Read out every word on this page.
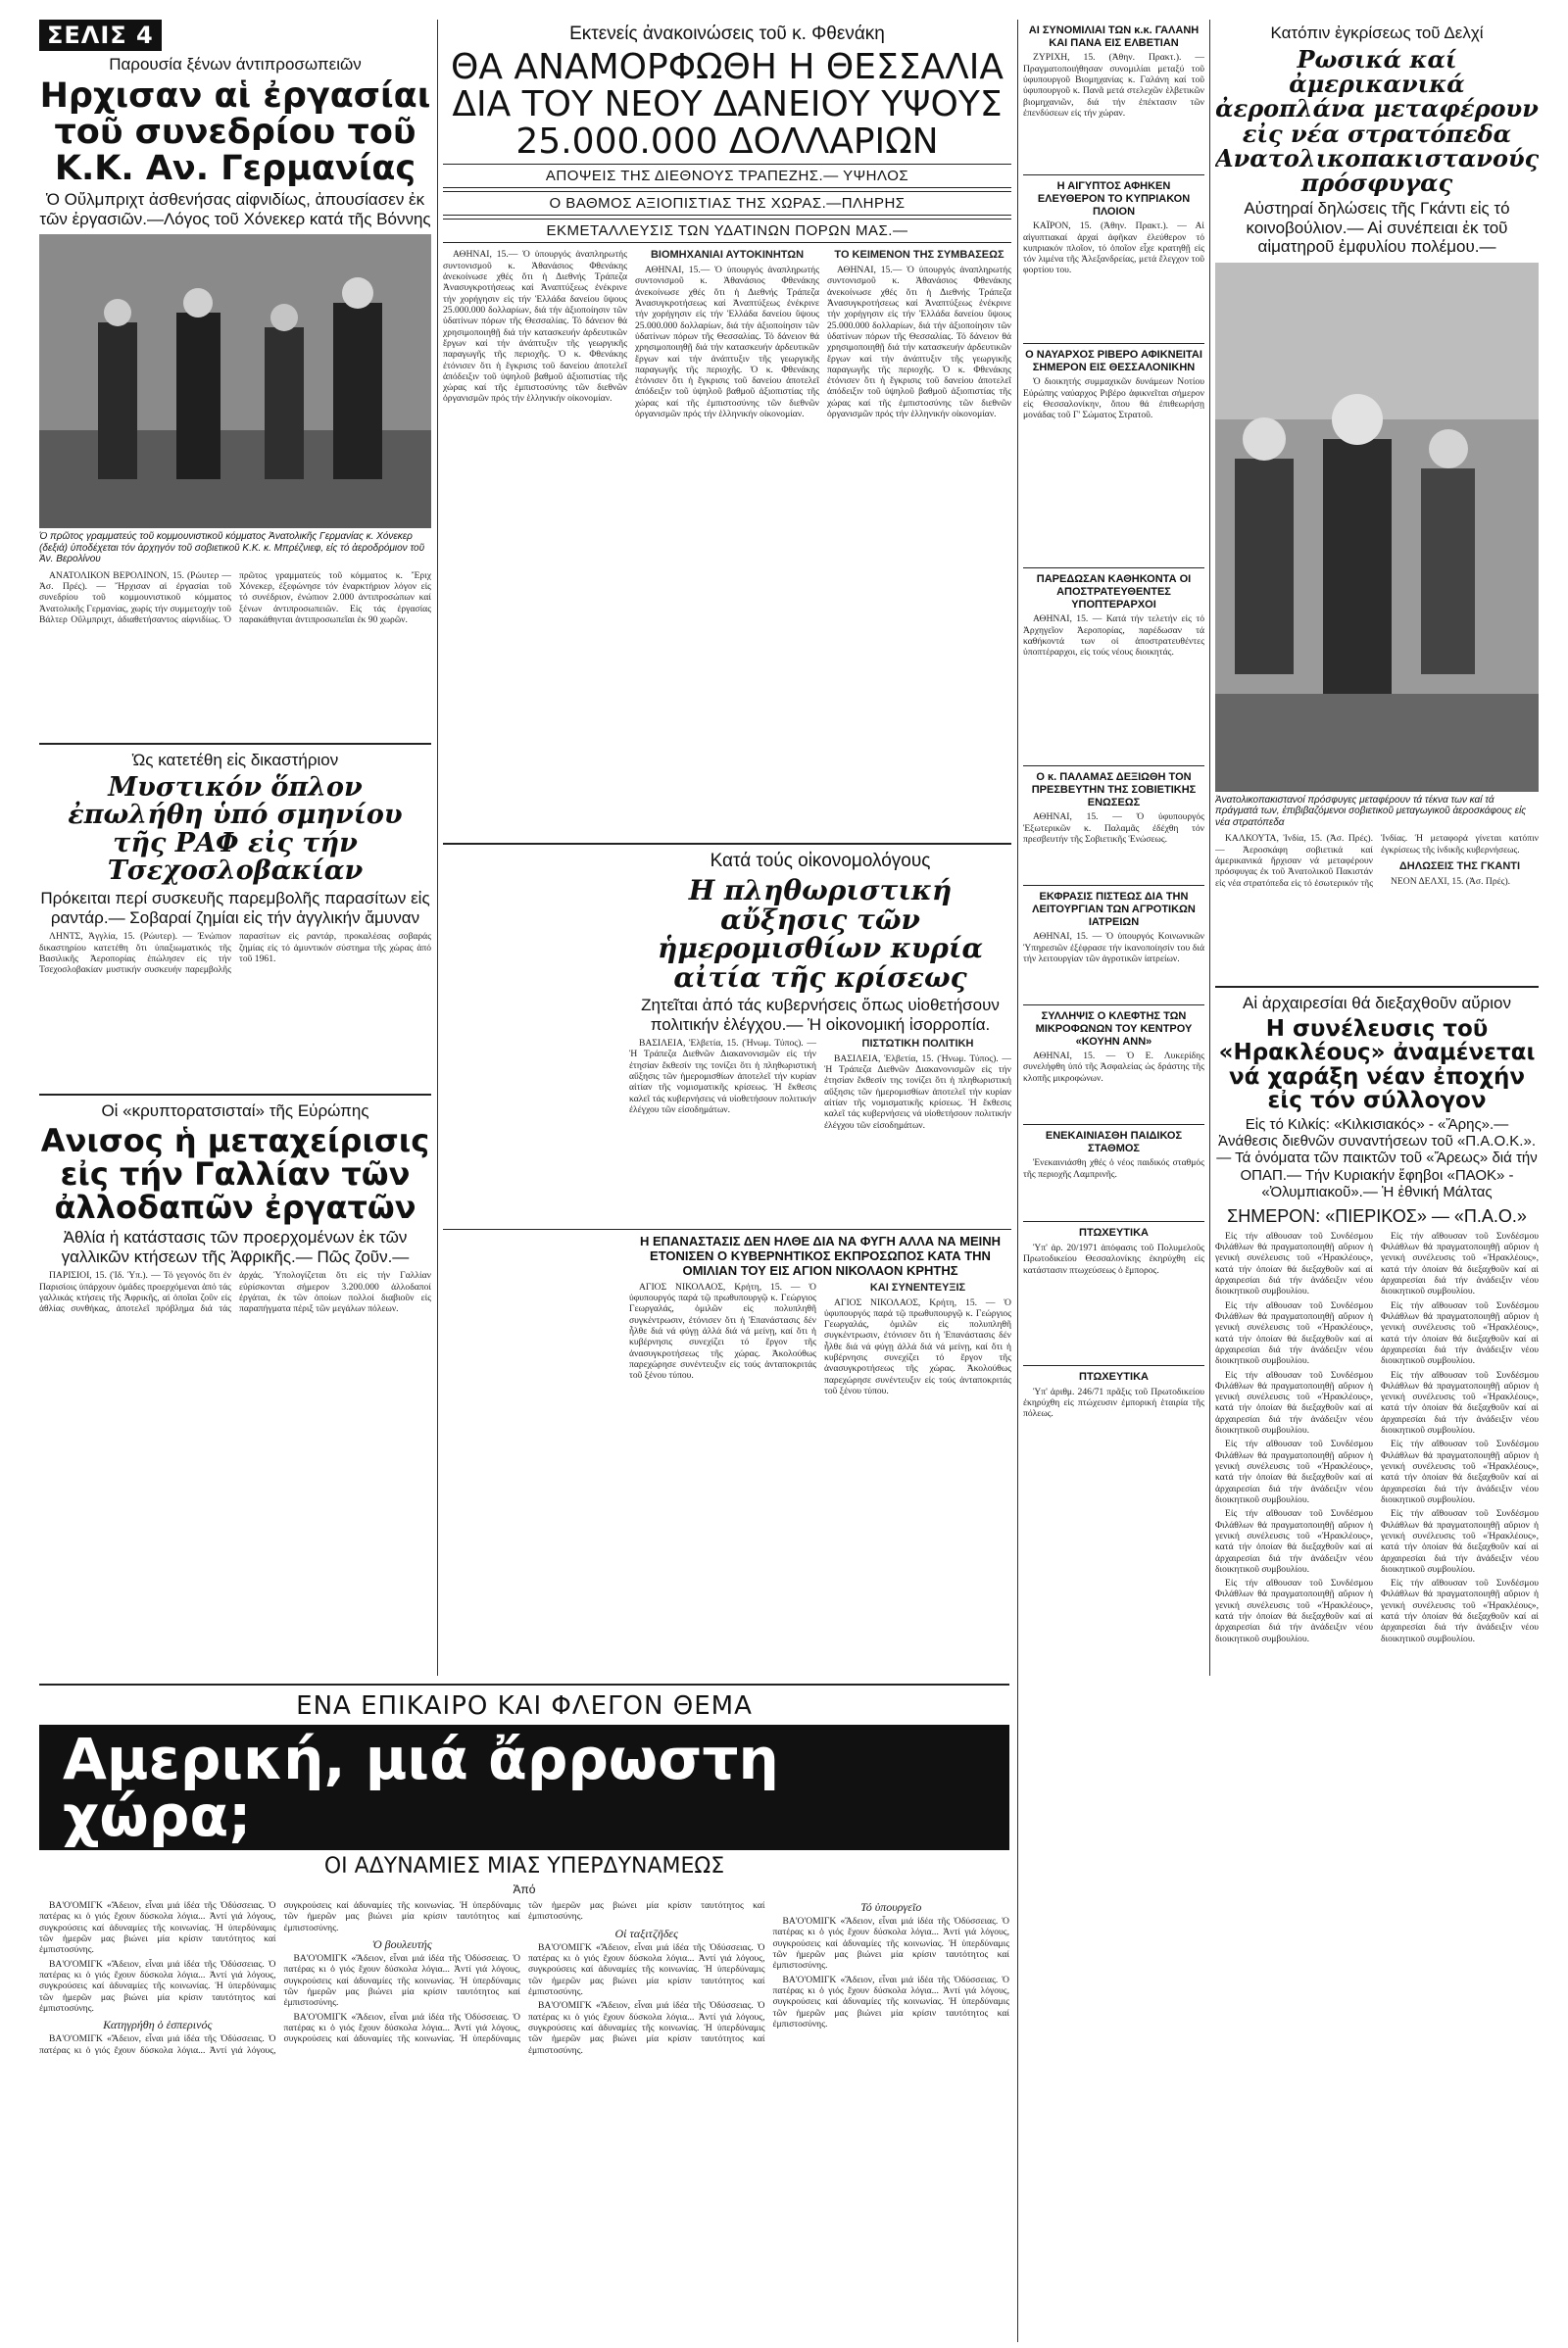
ΣΕΛΙΣ 4
Παρουσία ξένων άντιπροσωπειῶν
Ηρχισαν αἱ ἐργασίαι τοῦ συνεδρίου τοῦ Κ.Κ. Αν. Γερμανίας
Ὁ Οὔλμπριχτ ἀσθενήσας αἰφνιδίως, ἀπουσίασεν ἐκ τῶν ἐργασιῶν.—Λόγος τοῦ Χόνεκερ κατά τῆς Βόννης
Ὁ πρῶτος γραμματεύς τοῦ κομμουνιστικοῦ κόμματος Ἀνατολικῆς Γερμανίας κ. Χόνεκερ (δεξιά) ὑποδέχεται τόν ἀρχηγόν τοῦ σοβιετικοῦ Κ.Κ. κ. Μπρέζνιεφ, εἰς τό ἀεροδρόμιον τοῦ Ἀν. Βερολίνου

ΑΝΑΤΟΛΙΚΟΝ ΒΕΡΟΛΙΝΟΝ, 15. (Ρώυτερ — Ἀσ. Πρές). — Ἤρχισαν αἱ ἐργασίαι τοῦ συνεδρίου τοῦ κομμουνιστικοῦ κόμματος Ἀνατολικῆς Γερμανίας, χωρίς τήν συμμετοχήν τοῦ Βάλτερ Οὔλμπριχτ, ἀδιαθετήσαντος αἰφνιδίως. Ὁ πρῶτος γραμματεύς τοῦ κόμματος κ. Ἔριχ Χόνεκερ, ἐξεφώνησε τόν ἐναρκτήριον λόγον εἰς τό συνέδριον, ἐνώπιον 2.000 ἀντιπροσώπων καί ξένων ἀντιπροσωπειῶν. Εἰς τάς ἐργασίας παρακάθηνται ἀντιπροσωπεῖαι ἐκ 90 χωρῶν.

Ὡς κατετέθη εἰς δικαστήριον
Μυστικόν ὅπλον ἐπωλήθη ὑπό σμηνίου τῆς ΡΑΦ εἰς τήν Τσεχοσλοβακίαν
Πρόκειται περί συσκευῆς παρεμβολῆς παρασίτων εἰς ραντάρ.— Σοβαραί ζημίαι εἰς τήν ἀγγλικήν ἄμυναν

ΛΗΝΤΣ, Ἀγγλία, 15. (Ρώυτερ). — Ἐνώπιον δικαστηρίου κατετέθη ὅτι ὑπαξιωματικός τῆς Βασιλικῆς Ἀεροπορίας ἐπώλησεν εἰς τήν Τσεχοσλοβακίαν μυστικήν συσκευήν παρεμβολῆς παρασίτων εἰς ραντάρ, προκαλέσας σοβαράς ζημίας εἰς τό ἀμυντικόν σύστημα τῆς χώρας ἀπό τοῦ 1961.

Οἱ «κρυπτορατσισταί» τῆς Εὐρώπης
Ανισος ἡ μεταχείρισις εἰς τήν Γαλλίαν τῶν ἀλλοδαπῶν ἐργατῶν
Ἀθλία ἡ κατάστασις τῶν προερχομένων ἐκ τῶν γαλλικῶν κτήσεων τῆς Ἀφρικῆς.— Πῶς ζοῦν.—

ΠΑΡΙΣΙΟΙ, 15. (Ἰδ. Ὑπ.). — Τό γεγονός ὅτι ἐν Παρισίοις ὑπάρχουν ὁμάδες προερχόμεναι ἀπό τάς γαλλικάς κτήσεις τῆς Ἀφρικῆς, αἱ ὁποῖαι ζοῦν εἰς ἀθλίας συνθήκας, ἀποτελεῖ πρόβλημα διά τάς ἀρχάς. Ὑπολογίζεται ὅτι εἰς τήν Γαλλίαν εὑρίσκονται σήμερον 3.200.000 ἀλλοδαποί ἐργάται, ἐκ τῶν ὁποίων πολλοί διαβιοῦν εἰς παραπήγματα πέριξ τῶν μεγάλων πόλεων.

Εκτενείς ἀνακοινώσεις τοῦ κ. Φθενάκη
ΘΑ ΑΝΑΜΟΡΦΩΘΗ Η ΘΕΣΣΑΛΙΑ ΔΙΑ ΤΟΥ ΝΕΟΥ ΔΑΝΕΙΟΥ ΥΨΟΥΣ 25.000.000 ΔΟΛΛΑΡΙΩΝ
ΑΠΟΨΕΙΣ ΤΗΣ ΔΙΕΘΝΟΥΣ ΤΡΑΠΕΖΗΣ.— ΥΨΗΛΟΣ
Ο ΒΑΘΜΟΣ ΑΞΙΟΠΙΣΤΙΑΣ ΤΗΣ ΧΩΡΑΣ.—ΠΛΗΡΗΣ
ΕΚΜΕΤΑΛΛΕΥΣΙΣ ΤΩΝ ΥΔΑΤΙΝΩΝ ΠΟΡΩΝ ΜΑΣ.—

ΑΘΗΝΑΙ, 15.— Ὁ ὑπουργός ἀναπληρωτής συντονισμοῦ κ. Ἀθανάσιος Φθενάκης ἀνεκοίνωσε χθές ὅτι ἡ Διεθνής Τράπεζα Ἀνασυγκροτήσεως καί Ἀναπτύξεως ἐνέκρινε τήν χορήγησιν εἰς τήν Ἑλλάδα δανείου ὕψους 25.000.000 δολλαρίων, διά τήν ἀξιοποίησιν τῶν ὑδατίνων πόρων τῆς Θεσσαλίας. Τό δάνειον θά χρησιμοποιηθῇ διά τήν κατασκευήν ἀρδευτικῶν ἔργων καί τήν ἀνάπτυξιν τῆς γεωργικῆς παραγωγῆς τῆς περιοχῆς. Ὁ κ. Φθενάκης ἐτόνισεν ὅτι ἡ ἔγκρισις τοῦ δανείου ἀποτελεῖ ἀπόδειξιν τοῦ ὑψηλοῦ βαθμοῦ ἀξιοπιστίας τῆς χώρας καί τῆς ἐμπιστοσύνης τῶν διεθνῶν ὀργανισμῶν πρός τήν ἑλληνικήν οἰκονομίαν.

ΒΙΟΜΗΧΑΝΙΑΙ ΑΥΤΟΚΙΝΗΤΩΝ

ΑΘΗΝΑΙ, 15.— Ὁ ὑπουργός ἀναπληρωτής συντονισμοῦ κ. Ἀθανάσιος Φθενάκης ἀνεκοίνωσε χθές ὅτι ἡ Διεθνής Τράπεζα Ἀνασυγκροτήσεως καί Ἀναπτύξεως ἐνέκρινε τήν χορήγησιν εἰς τήν Ἑλλάδα δανείου ὕψους 25.000.000 δολλαρίων, διά τήν ἀξιοποίησιν τῶν ὑδατίνων πόρων τῆς Θεσσαλίας. Τό δάνειον θά χρησιμοποιηθῇ διά τήν κατασκευήν ἀρδευτικῶν ἔργων καί τήν ἀνάπτυξιν τῆς γεωργικῆς παραγωγῆς τῆς περιοχῆς. Ὁ κ. Φθενάκης ἐτόνισεν ὅτι ἡ ἔγκρισις τοῦ δανείου ἀποτελεῖ ἀπόδειξιν τοῦ ὑψηλοῦ βαθμοῦ ἀξιοπιστίας τῆς χώρας καί τῆς ἐμπιστοσύνης τῶν διεθνῶν ὀργανισμῶν πρός τήν ἑλληνικήν οἰκονομίαν.

ΤΟ ΚΕΙΜΕΝΟΝ ΤΗΣ ΣΥΜΒΑΣΕΩΣ

ΑΘΗΝΑΙ, 15.— Ὁ ὑπουργός ἀναπληρωτής συντονισμοῦ κ. Ἀθανάσιος Φθενάκης ἀνεκοίνωσε χθές ὅτι ἡ Διεθνής Τράπεζα Ἀνασυγκροτήσεως καί Ἀναπτύξεως ἐνέκρινε τήν χορήγησιν εἰς τήν Ἑλλάδα δανείου ὕψους 25.000.000 δολλαρίων, διά τήν ἀξιοποίησιν τῶν ὑδατίνων πόρων τῆς Θεσσαλίας. Τό δάνειον θά χρησιμοποιηθῇ διά τήν κατασκευήν ἀρδευτικῶν ἔργων καί τήν ἀνάπτυξιν τῆς γεωργικῆς παραγωγῆς τῆς περιοχῆς. Ὁ κ. Φθενάκης ἐτόνισεν ὅτι ἡ ἔγκρισις τοῦ δανείου ἀποτελεῖ ἀπόδειξιν τοῦ ὑψηλοῦ βαθμοῦ ἀξιοπιστίας τῆς χώρας καί τῆς ἐμπιστοσύνης τῶν διεθνῶν ὀργανισμῶν πρός τήν ἑλληνικήν οἰκονομίαν.

Κατά τούς οἰκονομολόγους
Η πληθωριστική αὔξησις τῶν ἡμερομισθίων κυρία αἰτία τῆς κρίσεως
Ζητεῖται ἀπό τάς κυβερνήσεις ὅπως υἱοθετήσουν πολιτικήν ἐλέγχου.— Ἡ οἰκονομική ἰσορροπία.

ΒΑΣΙΛΕΙΑ, Ἑλβετία, 15. (Ἡνωμ. Τύπος). — Ἡ Τράπεζα Διεθνῶν Διακανονισμῶν εἰς τήν ἐτησίαν ἔκθεσίν της τονίζει ὅτι ἡ πληθωριστική αὔξησις τῶν ἡμερομισθίων ἀποτελεῖ τήν κυρίαν αἰτίαν τῆς νομισματικῆς κρίσεως. Ἡ ἔκθεσις καλεῖ τάς κυβερνήσεις νά υἱοθετήσουν πολιτικήν ἐλέγχου τῶν εἰσοδημάτων.

ΠΙΣΤΩΤΙΚΗ ΠΟΛΙΤΙΚΗ

ΒΑΣΙΛΕΙΑ, Ἑλβετία, 15. (Ἡνωμ. Τύπος). — Ἡ Τράπεζα Διεθνῶν Διακανονισμῶν εἰς τήν ἐτησίαν ἔκθεσίν της τονίζει ὅτι ἡ πληθωριστική αὔξησις τῶν ἡμερομισθίων ἀποτελεῖ τήν κυρίαν αἰτίαν τῆς νομισματικῆς κρίσεως. Ἡ ἔκθεσις καλεῖ τάς κυβερνήσεις νά υἱοθετήσουν πολιτικήν ἐλέγχου τῶν εἰσοδημάτων.

Η ΕΠΑΝΑΣΤΑΣΙΣ ΔΕΝ ΗΛΘΕ ΔΙΑ ΝΑ ΦΥΓΗ ΑΛΛΑ ΝΑ ΜΕΙΝΗ ΕΤΟΝΙΣΕΝ Ο ΚΥΒΕΡΝΗΤΙΚΟΣ ΕΚΠΡΟΣΩΠΟΣ ΚΑΤΑ ΤΗΝ ΟΜΙΛΙΑΝ ΤΟΥ ΕΙΣ ΑΓΙΟΝ ΝΙΚΟΛΑΟΝ ΚΡΗΤΗΣ

ΑΓΙΟΣ ΝΙΚΟΛΑΟΣ, Κρήτη, 15. — Ὁ ὑφυπουργός παρά τῷ πρωθυπουργῷ κ. Γεώργιος Γεωργαλάς, ὁμιλῶν εἰς πολυπληθῆ συγκέντρωσιν, ἐτόνισεν ὅτι ἡ Ἐπανάστασις δέν ἦλθε διά νά φύγῃ ἀλλά διά νά μείνῃ, καί ὅτι ἡ κυβέρνησις συνεχίζει τό ἔργον τῆς ἀνασυγκροτήσεως τῆς χώρας. Ἀκολούθως παρεχώρησε συνέντευξιν εἰς τούς ἀνταποκριτάς τοῦ ξένου τύπου.

ΚΑΙ ΣΥΝΕΝΤΕΥΞΙΣ

ΑΓΙΟΣ ΝΙΚΟΛΑΟΣ, Κρήτη, 15. — Ὁ ὑφυπουργός παρά τῷ πρωθυπουργῷ κ. Γεώργιος Γεωργαλάς, ὁμιλῶν εἰς πολυπληθῆ συγκέντρωσιν, ἐτόνισεν ὅτι ἡ Ἐπανάστασις δέν ἦλθε διά νά φύγῃ ἀλλά διά νά μείνῃ, καί ὅτι ἡ κυβέρνησις συνεχίζει τό ἔργον τῆς ἀνασυγκροτήσεως τῆς χώρας. Ἀκολούθως παρεχώρησε συνέντευξιν εἰς τούς ἀνταποκριτάς τοῦ ξένου τύπου.

ΑΙ ΣΥΝΟΜΙΛΙΑΙ ΤΩΝ κ.κ. ΓΑΛΑΝΗ ΚΑΙ ΠΑΝΑ ΕΙΣ ΕΛΒΕΤΙΑΝ

ΖΥΡΙΧΗ, 15. (Ἀθην. Πρακτ.). — Πραγματοποιήθησαν συνομιλίαι μεταξύ τοῦ ὑφυπουργοῦ Βιομηχανίας κ. Γαλάνη καί τοῦ ὑφυπουργοῦ κ. Πανᾶ μετά στελεχῶν ἑλβετικῶν βιομηχανιῶν, διά τήν ἐπέκτασιν τῶν ἐπενδύσεων εἰς τήν χώραν.

Η ΑΙΓΥΠΤΟΣ ΑΦΗΚΕΝ ΕΛΕΥΘΕΡΟΝ ΤΟ ΚΥΠΡΙΑΚΟΝ ΠΛΟΙΟΝ

ΚΑΪΡΟΝ, 15. (Ἀθην. Πρακτ.). — Αἱ αἰγυπτιακαί ἀρχαί ἀφῆκαν ἐλεύθερον τό κυπριακόν πλοῖον, τό ὁποῖον εἶχε κρατηθῇ εἰς τόν λιμένα τῆς Ἀλεξανδρείας, μετά ἔλεγχον τοῦ φορτίου του.

Ο ΝΑΥΑΡΧΟΣ ΡΙΒΕΡΟ ΑΦΙΚΝΕΙΤΑΙ ΣΗΜΕΡΟΝ ΕΙΣ ΘΕΣΣΑΛΟΝΙΚΗΝ

Ὁ διοικητής συμμαχικῶν δυνάμεων Νοτίου Εὐρώπης ναύαρχος Ριβέρο ἀφικνεῖται σήμερον εἰς Θεσσαλονίκην, ὅπου θά ἐπιθεωρήσῃ μονάδας τοῦ Γ' Σώματος Στρατοῦ.

ΠΑΡΕΔΩΣΑΝ ΚΑΘΗΚΟΝΤΑ ΟΙ ΑΠΟΣΤΡΑΤΕΥΘΕΝΤΕΣ ΥΠΟΠΤΕΡΑΡΧΟΙ

ΑΘΗΝΑΙ, 15. — Κατά τήν τελετήν εἰς τό Ἀρχηγεῖον Ἀεροπορίας, παρέδωσαν τά καθήκοντά των οἱ ἀποστρατευθέντες ὑποπτέραρχοι, εἰς τούς νέους διοικητάς.

Ο κ. ΠΑΛΑΜΑΣ ΔΕΞΙΩΘΗ ΤΟΝ ΠΡΕΣΒΕΥΤΗΝ ΤΗΣ ΣΟΒΙΕΤΙΚΗΣ ΕΝΩΣΕΩΣ

ΑΘΗΝΑΙ, 15. — Ὁ ὑφυπουργός Ἐξωτερικῶν κ. Παλαμᾶς ἐδέχθη τόν πρεσβευτήν τῆς Σοβιετικῆς Ἑνώσεως.

ΕΚΦΡΑΣΙΣ ΠΙΣΤΕΩΣ ΔΙΑ ΤΗΝ ΛΕΙΤΟΥΡΓΙΑΝ ΤΩΝ ΑΓΡΟΤΙΚΩΝ ΙΑΤΡΕΙΩΝ

ΑΘΗΝΑΙ, 15. — Ὁ ὑπουργός Κοινωνικῶν Ὑπηρεσιῶν ἐξέφρασε τήν ἱκανοποίησίν του διά τήν λειτουργίαν τῶν ἀγροτικῶν ἰατρείων.

ΣΥΛΛΗΨΙΣ Ο ΚΛΕΦΤΗΣ ΤΩΝ ΜΙΚΡΟΦΩΝΩΝ ΤΟΥ ΚΕΝΤΡΟΥ «ΚΟΥΗΝ ΑΝΝ»

ΑΘΗΝΑΙ, 15. — Ὁ Ε. Λυκερίδης συνελήφθη ὑπό τῆς Ἀσφαλείας ὡς δράστης τῆς κλοπῆς μικροφώνων.

ΕΝΕΚΑΙΝΙΑΣΘΗ ΠΑΙΔΙΚΟΣ ΣΤΑΘΜΟΣ

Ἐνεκαινιάσθη χθές ὁ νέος παιδικός σταθμός τῆς περιοχῆς Λαμπρινῆς.

ΠΤΩΧΕΥΤΙΚΑ

Ὑπ' ἀρ. 20/1971 ἀπόφασις τοῦ Πολυμελοῦς Πρωτοδικείου Θεσσαλονίκης ἐκηρύχθη εἰς κατάστασιν πτωχεύσεως ὁ ἔμπορος.

ΠΤΩΧΕΥΤΙΚΑ

Ὑπ' ἀριθμ. 246/71 πρᾶξις τοῦ Πρωτοδικείου ἐκηρύχθη εἰς πτώχευσιν ἐμπορική ἑταιρία τῆς πόλεως.

Κατόπιν ἐγκρίσεως τοῦ Δελχί
Ρωσικά καί ἀμερικανικά ἀεροπλάνα μεταφέρουν εἰς νέα στρατόπεδα Ανατολικοπακιστανούς πρόσφυγας
Αὐστηραί δηλώσεις τῆς Γκάντι εἰς τό κοινοβούλιον.— Αἱ συνέπειαι ἐκ τοῦ αἱματηροῦ ἐμφυλίου πολέμου.—
Ἀνατολικοπακιστανοί πρόσφυγες μεταφέρουν τά τέκνα των καί τά πράγματά των, ἐπιβιβαζόμενοι σοβιετικοῦ μεταγωγικοῦ ἀεροσκάφους εἰς νέα στρατόπεδα

ΚΑΛΚΟΥΤΑ, Ἰνδία, 15. (Ἀσ. Πρές). — Ἀεροσκάφη σοβιετικά καί ἀμερικανικά ἤρχισαν νά μεταφέρουν πρόσφυγας ἐκ τοῦ Ἀνατολικοῦ Πακιστάν εἰς νέα στρατόπεδα εἰς τό ἐσωτερικόν τῆς Ἰνδίας. Ἡ μεταφορά γίνεται κατόπιν ἐγκρίσεως τῆς ἰνδικῆς κυβερνήσεως.

ΔΗΛΩΣΕΙΣ ΤΗΣ ΓΚΑΝΤΙ

ΝΕΟΝ ΔΕΛΧΙ, 15. (Ἀσ. Πρές).

Αἱ ἀρχαιρεσίαι θά διεξαχθοῦν αὔριον
Η συνέλευσις τοῦ «Ηρακλέους» ἀναμένεται νά χαράξη νέαν ἐποχήν εἰς τόν σύλλογον
Εἰς τό Κιλκίς: «Κιλκισιακός» - «Ἄρης».— Ἀνάθεσις διεθνῶν συναντήσεων τοῦ «Π.Α.Ο.Κ.».— Τά ὀνόματα τῶν παικτῶν τοῦ «Ἄρεως» διά τήν ΟΠΑΠ.— Τήν Κυριακήν ἔφηβοι «ΠΑΟΚ» - «Ὀλυμπιακοῦ».— Ἡ ἐθνική Μάλτας
ΣΗΜΕΡΟΝ: «ΠΙΕΡΙΚΟΣ» — «Π.Α.Ο.»

Εἰς τήν αἴθουσαν τοῦ Συνδέσμου Φιλάθλων θά πραγματοποιηθῇ αὔριον ἡ γενική συνέλευσις τοῦ «Ἡρακλέους», κατά τήν ὁποίαν θά διεξαχθοῦν καί αἱ ἀρχαιρεσίαι διά τήν ἀνάδειξιν νέου διοικητικοῦ συμβουλίου.

Εἰς τήν αἴθουσαν τοῦ Συνδέσμου Φιλάθλων θά πραγματοποιηθῇ αὔριον ἡ γενική συνέλευσις τοῦ «Ἡρακλέους», κατά τήν ὁποίαν θά διεξαχθοῦν καί αἱ ἀρχαιρεσίαι διά τήν ἀνάδειξιν νέου διοικητικοῦ συμβουλίου.

Εἰς τήν αἴθουσαν τοῦ Συνδέσμου Φιλάθλων θά πραγματοποιηθῇ αὔριον ἡ γενική συνέλευσις τοῦ «Ἡρακλέους», κατά τήν ὁποίαν θά διεξαχθοῦν καί αἱ ἀρχαιρεσίαι διά τήν ἀνάδειξιν νέου διοικητικοῦ συμβουλίου.

Εἰς τήν αἴθουσαν τοῦ Συνδέσμου Φιλάθλων θά πραγματοποιηθῇ αὔριον ἡ γενική συνέλευσις τοῦ «Ἡρακλέους», κατά τήν ὁποίαν θά διεξαχθοῦν καί αἱ ἀρχαιρεσίαι διά τήν ἀνάδειξιν νέου διοικητικοῦ συμβουλίου.

Εἰς τήν αἴθουσαν τοῦ Συνδέσμου Φιλάθλων θά πραγματοποιηθῇ αὔριον ἡ γενική συνέλευσις τοῦ «Ἡρακλέους», κατά τήν ὁποίαν θά διεξαχθοῦν καί αἱ ἀρχαιρεσίαι διά τήν ἀνάδειξιν νέου διοικητικοῦ συμβουλίου.

Εἰς τήν αἴθουσαν τοῦ Συνδέσμου Φιλάθλων θά πραγματοποιηθῇ αὔριον ἡ γενική συνέλευσις τοῦ «Ἡρακλέους», κατά τήν ὁποίαν θά διεξαχθοῦν καί αἱ ἀρχαιρεσίαι διά τήν ἀνάδειξιν νέου διοικητικοῦ συμβουλίου.

Εἰς τήν αἴθουσαν τοῦ Συνδέσμου Φιλάθλων θά πραγματοποιηθῇ αὔριον ἡ γενική συνέλευσις τοῦ «Ἡρακλέους», κατά τήν ὁποίαν θά διεξαχθοῦν καί αἱ ἀρχαιρεσίαι διά τήν ἀνάδειξιν νέου διοικητικοῦ συμβουλίου.

Εἰς τήν αἴθουσαν τοῦ Συνδέσμου Φιλάθλων θά πραγματοποιηθῇ αὔριον ἡ γενική συνέλευσις τοῦ «Ἡρακλέους», κατά τήν ὁποίαν θά διεξαχθοῦν καί αἱ ἀρχαιρεσίαι διά τήν ἀνάδειξιν νέου διοικητικοῦ συμβουλίου.

Εἰς τήν αἴθουσαν τοῦ Συνδέσμου Φιλάθλων θά πραγματοποιηθῇ αὔριον ἡ γενική συνέλευσις τοῦ «Ἡρακλέους», κατά τήν ὁποίαν θά διεξαχθοῦν καί αἱ ἀρχαιρεσίαι διά τήν ἀνάδειξιν νέου διοικητικοῦ συμβουλίου.

Εἰς τήν αἴθουσαν τοῦ Συνδέσμου Φιλάθλων θά πραγματοποιηθῇ αὔριον ἡ γενική συνέλευσις τοῦ «Ἡρακλέους», κατά τήν ὁποίαν θά διεξαχθοῦν καί αἱ ἀρχαιρεσίαι διά τήν ἀνάδειξιν νέου διοικητικοῦ συμβουλίου.

Εἰς τήν αἴθουσαν τοῦ Συνδέσμου Φιλάθλων θά πραγματοποιηθῇ αὔριον ἡ γενική συνέλευσις τοῦ «Ἡρακλέους», κατά τήν ὁποίαν θά διεξαχθοῦν καί αἱ ἀρχαιρεσίαι διά τήν ἀνάδειξιν νέου διοικητικοῦ συμβουλίου.

Εἰς τήν αἴθουσαν τοῦ Συνδέσμου Φιλάθλων θά πραγματοποιηθῇ αὔριον ἡ γενική συνέλευσις τοῦ «Ἡρακλέους», κατά τήν ὁποίαν θά διεξαχθοῦν καί αἱ ἀρχαιρεσίαι διά τήν ἀνάδειξιν νέου διοικητικοῦ συμβουλίου.

ΕΝΑ ΕΠΙΚΑΙΡΟ ΚΑΙ ΦΛΕΓΟΝ ΘΕΜΑ
Αμερική, μιά ἄρρωστη χώρα;
ΟΙ ΑΔΥΝΑΜΙΕΣ ΜΙΑΣ ΥΠΕΡΔΥΝΑΜΕΩΣ
Ἀπό

ΒΑ'Ο'ΟΜΙΓΚ «Ἄδειον, εἶναι μιά ἰδέα τῆς Ὀδύσσειας. Ὁ πατέρας κι ὁ γιός ἔχουν δύσκολα λόγια... Ἀντί γιά λόγους, συγκρούσεις καί ἀδυναμίες τῆς κοινωνίας. Ἡ ὑπερδύναμις τῶν ἡμερῶν μας βιώνει μία κρίσιν ταυτότητος καί ἐμπιστοσύνης.

ΒΑ'Ο'ΟΜΙΓΚ «Ἄδειον, εἶναι μιά ἰδέα τῆς Ὀδύσσειας. Ὁ πατέρας κι ὁ γιός ἔχουν δύσκολα λόγια... Ἀντί γιά λόγους, συγκρούσεις καί ἀδυναμίες τῆς κοινωνίας. Ἡ ὑπερδύναμις τῶν ἡμερῶν μας βιώνει μία κρίσιν ταυτότητος καί ἐμπιστοσύνης.

Κατηγρήθη ὁ ἑσπερινός

ΒΑ'Ο'ΟΜΙΓΚ «Ἄδειον, εἶναι μιά ἰδέα τῆς Ὀδύσσειας. Ὁ πατέρας κι ὁ γιός ἔχουν δύσκολα λόγια... Ἀντί γιά λόγους, συγκρούσεις καί ἀδυναμίες τῆς κοινωνίας. Ἡ ὑπερδύναμις τῶν ἡμερῶν μας βιώνει μία κρίσιν ταυτότητος καί ἐμπιστοσύνης.

Ὁ βουλευτής

ΒΑ'Ο'ΟΜΙΓΚ «Ἄδειον, εἶναι μιά ἰδέα τῆς Ὀδύσσειας. Ὁ πατέρας κι ὁ γιός ἔχουν δύσκολα λόγια... Ἀντί γιά λόγους, συγκρούσεις καί ἀδυναμίες τῆς κοινωνίας. Ἡ ὑπερδύναμις τῶν ἡμερῶν μας βιώνει μία κρίσιν ταυτότητος καί ἐμπιστοσύνης.

ΒΑ'Ο'ΟΜΙΓΚ «Ἄδειον, εἶναι μιά ἰδέα τῆς Ὀδύσσειας. Ὁ πατέρας κι ὁ γιός ἔχουν δύσκολα λόγια... Ἀντί γιά λόγους, συγκρούσεις καί ἀδυναμίες τῆς κοινωνίας. Ἡ ὑπερδύναμις τῶν ἡμερῶν μας βιώνει μία κρίσιν ταυτότητος καί ἐμπιστοσύνης.

Οἱ ταξιτζῆδες

ΒΑ'Ο'ΟΜΙΓΚ «Ἄδειον, εἶναι μιά ἰδέα τῆς Ὀδύσσειας. Ὁ πατέρας κι ὁ γιός ἔχουν δύσκολα λόγια... Ἀντί γιά λόγους, συγκρούσεις καί ἀδυναμίες τῆς κοινωνίας. Ἡ ὑπερδύναμις τῶν ἡμερῶν μας βιώνει μία κρίσιν ταυτότητος καί ἐμπιστοσύνης.

ΒΑ'Ο'ΟΜΙΓΚ «Ἄδειον, εἶναι μιά ἰδέα τῆς Ὀδύσσειας. Ὁ πατέρας κι ὁ γιός ἔχουν δύσκολα λόγια... Ἀντί γιά λόγους, συγκρούσεις καί ἀδυναμίες τῆς κοινωνίας. Ἡ ὑπερδύναμις τῶν ἡμερῶν μας βιώνει μία κρίσιν ταυτότητος καί ἐμπιστοσύνης.

Τό ὑπουργεῖο

ΒΑ'Ο'ΟΜΙΓΚ «Ἄδειον, εἶναι μιά ἰδέα τῆς Ὀδύσσειας. Ὁ πατέρας κι ὁ γιός ἔχουν δύσκολα λόγια... Ἀντί γιά λόγους, συγκρούσεις καί ἀδυναμίες τῆς κοινωνίας. Ἡ ὑπερδύναμις τῶν ἡμερῶν μας βιώνει μία κρίσιν ταυτότητος καί ἐμπιστοσύνης.

ΒΑ'Ο'ΟΜΙΓΚ «Ἄδειον, εἶναι μιά ἰδέα τῆς Ὀδύσσειας. Ὁ πατέρας κι ὁ γιός ἔχουν δύσκολα λόγια... Ἀντί γιά λόγους, συγκρούσεις καί ἀδυναμίες τῆς κοινωνίας. Ἡ ὑπερδύναμις τῶν ἡμερῶν μας βιώνει μία κρίσιν ταυτότητος καί ἐμπιστοσύνης.
